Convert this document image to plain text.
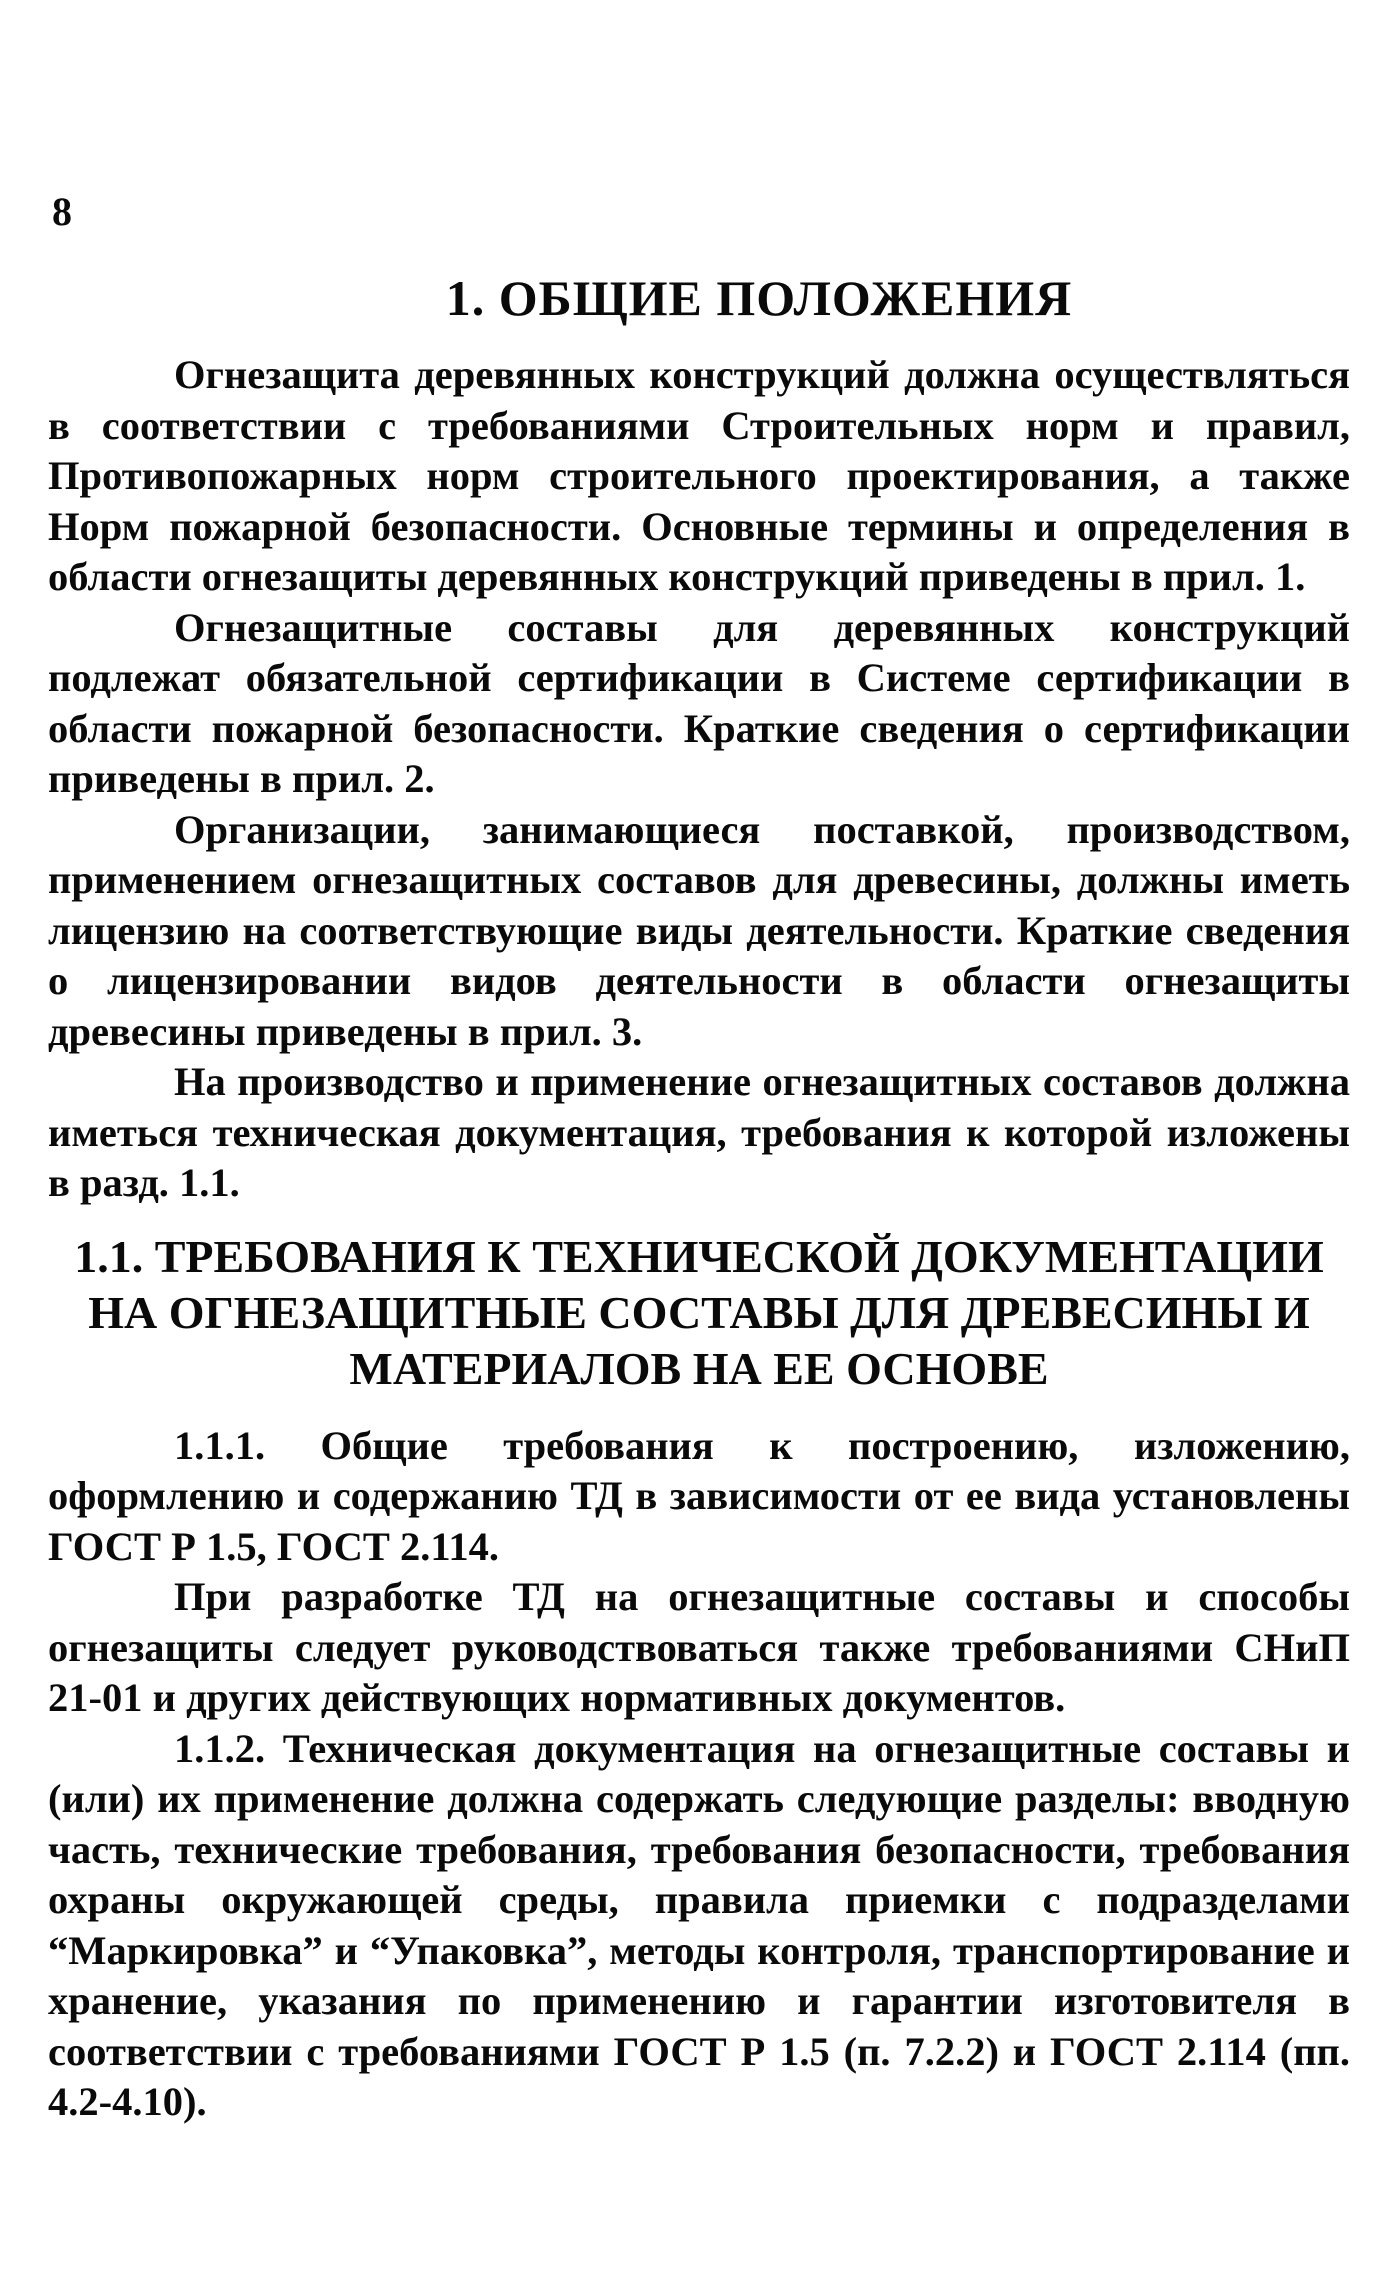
8
1. ОБЩИЕ ПОЛОЖЕНИЯ

Огнезащита деревянных конструкций должна осуществляться в соответствии с требованиями Строительных норм и правил, Противопожарных норм строительного проектирования, а также Норм пожарной безопасности. Основные термины и определения в области огнезащиты деревянных конструкций приведены в прил. 1.

Огнезащитные составы для деревянных конструкций подлежат обязательной сертификации в Системе сертификации в области пожарной безопасности. Краткие сведения о сертификации приведены в прил. 2.

Организации, занимающиеся поставкой, производством, применением огнезащитных составов для древесины, должны иметь лицензию на соответствующие виды деятельности. Краткие сведения о лицензировании видов деятельности в области огнезащиты древесины приведены в прил. 3.

На производство и применение огнезащитных составов должна иметься техническая документация, требования к которой изложены в разд. 1.1.

1.1. ТРЕБОВАНИЯ К ТЕХНИЧЕСКОЙ ДОКУМЕНТАЦИИ
НА ОГНЕЗАЩИТНЫЕ СОСТАВЫ ДЛЯ ДРЕВЕСИНЫ И
МАТЕРИАЛОВ НА ЕЕ ОСНОВЕ

1.1.1. Общие требования к построению, изложению, оформлению и содержанию ТД в зависимости от ее вида установлены ГОСТ Р 1.5, ГОСТ 2.114.

При разработке ТД на огнезащитные составы и способы огнезащиты следует руководствоваться также требованиями СНиП 21-01 и других действующих нормативных документов.

1.1.2. Техническая документация на огнезащитные составы и (или) их применение должна содержать следующие разделы: вводную часть, технические требования, требования безопасности, требования охраны окружающей среды, правила приемки с подразделами “Маркировка” и “Упаковка”, методы контроля, транспортирование и хранение, указания по применению и гарантии изготовителя в соответствии с требованиями ГОСТ Р 1.5 (п. 7.2.2) и ГОСТ 2.114 (пп. 4.2-4.10).
